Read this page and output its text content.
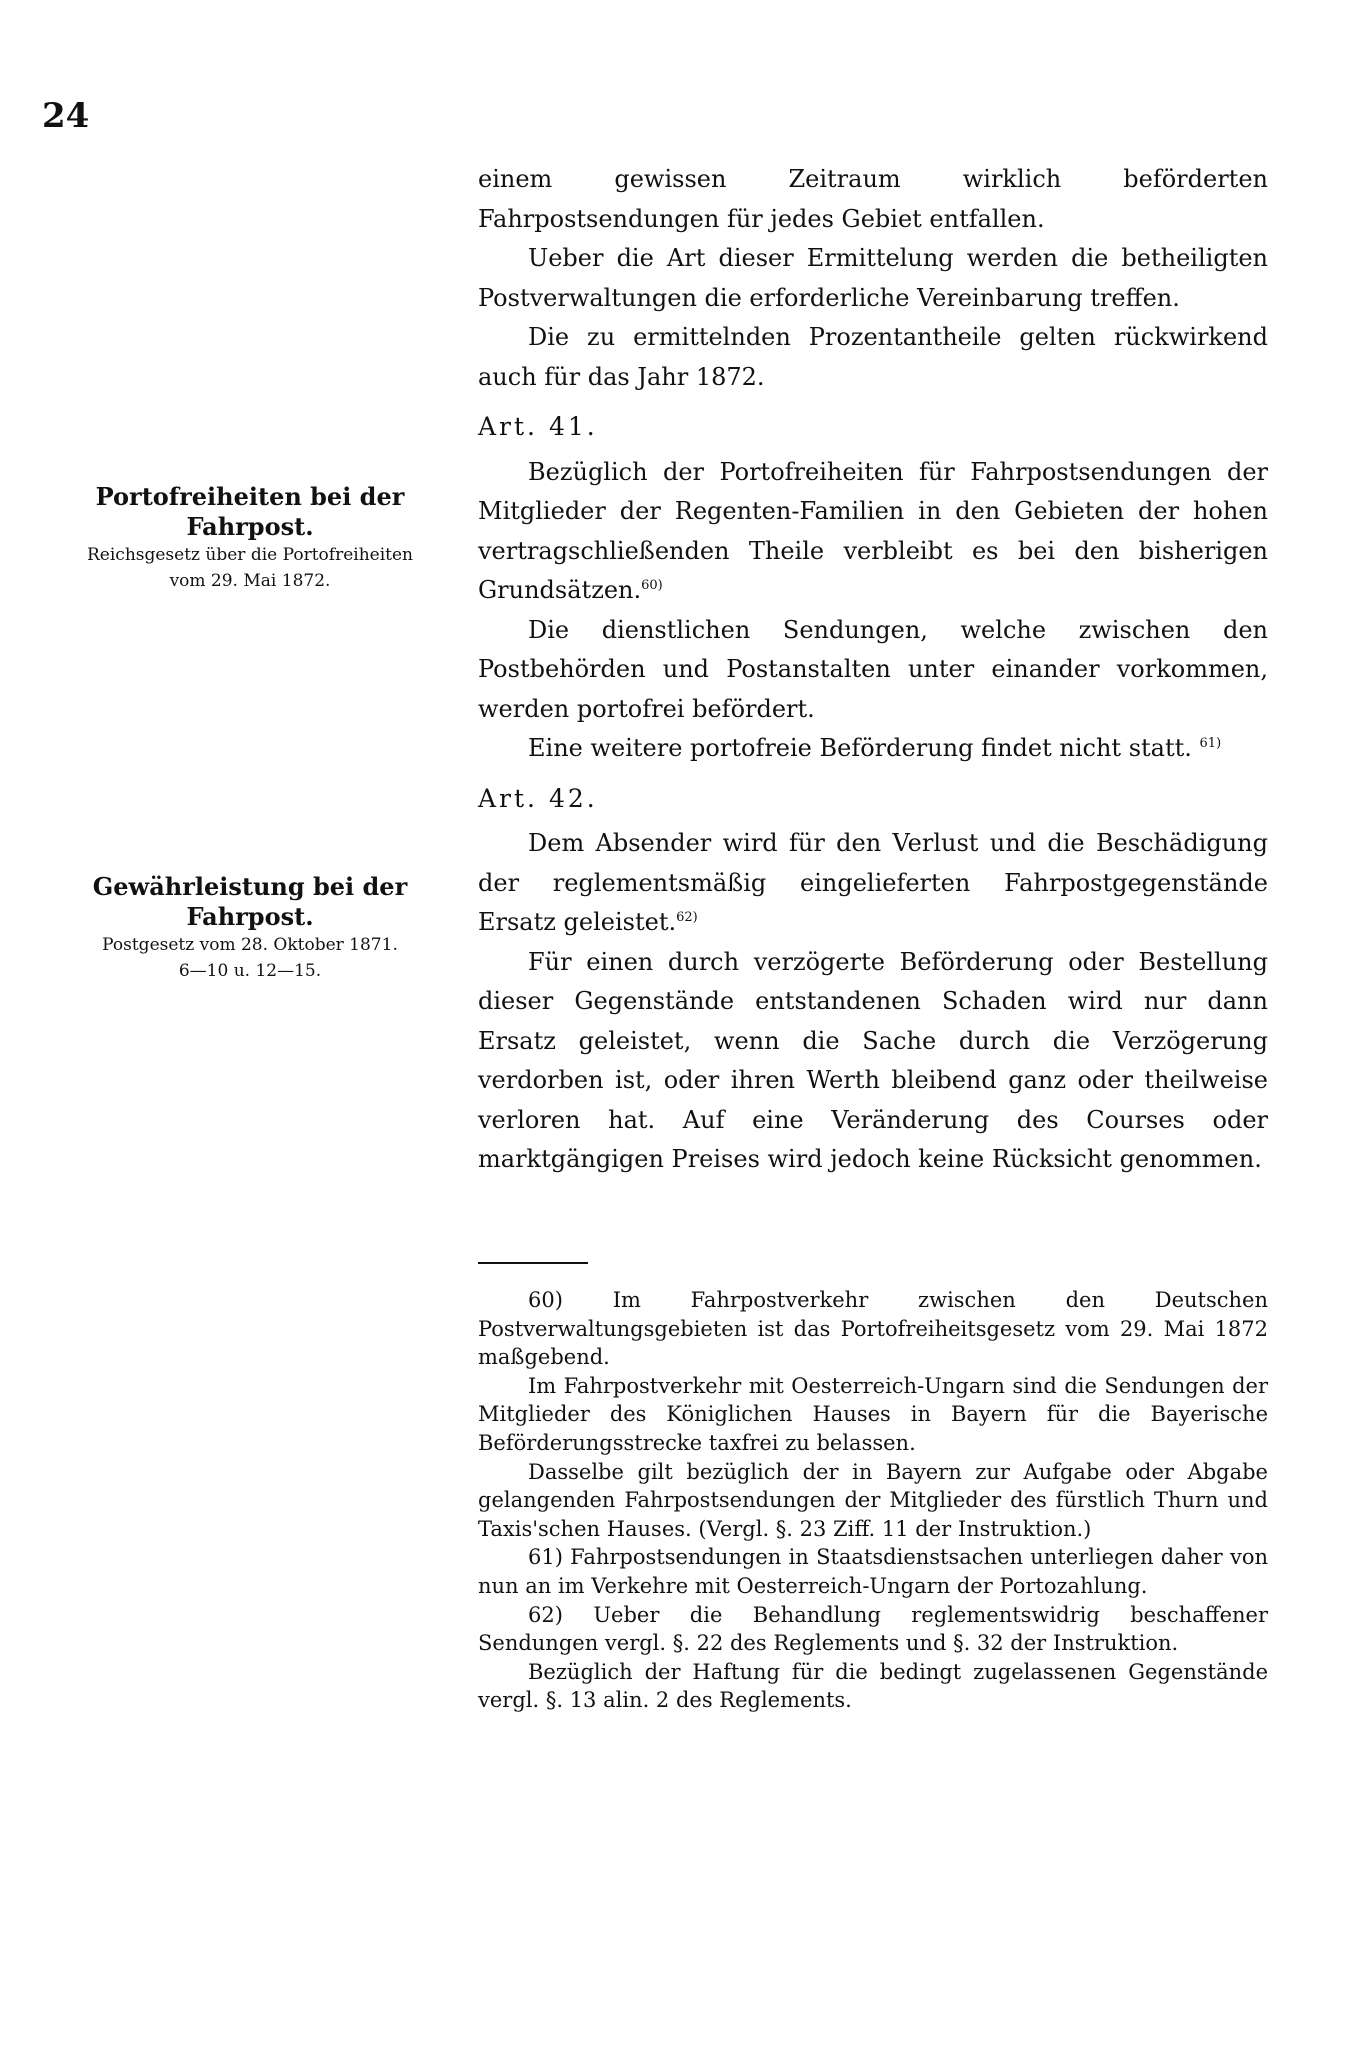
24

einem gewissen Zeitraum wirklich beförderten Fahrpostsendungen für jedes Gebiet entfallen.

Ueber die Art dieser Ermittelung werden die betheiligten Postverwaltungen die erforderliche Vereinbarung treffen.

Die zu ermittelnden Prozentantheile gelten rückwirkend auch für das Jahr 1872.

Art. 41.

Bezüglich der Portofreiheiten für Fahrpostsendungen der Mitglieder der Regenten-Familien in den Gebieten der hohen vertragschließenden Theile verbleibt es bei den bisherigen Grundsätzen.$^{60)}$

Die dienstlichen Sendungen, welche zwischen den Postbehörden und Postanstalten unter einander vorkommen, werden portofrei befördert.

Eine weitere portofreie Beförderung findet nicht statt. $^{61)}$

Art. 42.

Dem Absender wird für den Verlust und die Beschädigung der reglementsmäßig eingelieferten Fahrpostgegenstände Ersatz geleistet.$^{62)}$

Für einen durch verzögerte Beförderung oder Bestellung dieser Gegenstände entstandenen Schaden wird nur dann Ersatz geleistet, wenn die Sache durch die Verzögerung verdorben ist, oder ihren Werth bleibend ganz oder theilweise verloren hat. Auf eine Veränderung des Courses oder marktgängigen Preises wird jedoch keine Rücksicht genommen.

Portofreiheiten bei der Fahrpost.
Reichsgesetz über die Portofreiheiten
vom 29. Mai 1872.
Gewährleistung bei der Fahrpost.
Postgesetz vom 28. Oktober 1871.
6—10 u. 12—15.

60) Im Fahrpostverkehr zwischen den Deutschen Postverwaltungsgebieten ist das Portofreiheitsgesetz vom 29. Mai 1872 maßgebend.

Im Fahrpostverkehr mit Oesterreich-Ungarn sind die Sendungen der Mitglieder des Königlichen Hauses in Bayern für die Bayerische Beförderungsstrecke taxfrei zu belassen.

Dasselbe gilt bezüglich der in Bayern zur Aufgabe oder Abgabe gelangenden Fahrpostsendungen der Mitglieder des fürstlich Thurn und Taxis'schen Hauses. (Vergl. §. 23 Ziff. 11 der Instruktion.)

61) Fahrpostsendungen in Staatsdienstsachen unterliegen daher von nun an im Verkehre mit Oesterreich-Ungarn der Portozahlung.

62) Ueber die Behandlung reglementswidrig beschaffener Sendungen vergl. §. 22 des Reglements und §. 32 der Instruktion.

Bezüglich der Haftung für die bedingt zugelassenen Gegenstände vergl. §. 13 alin. 2 des Reglements.
